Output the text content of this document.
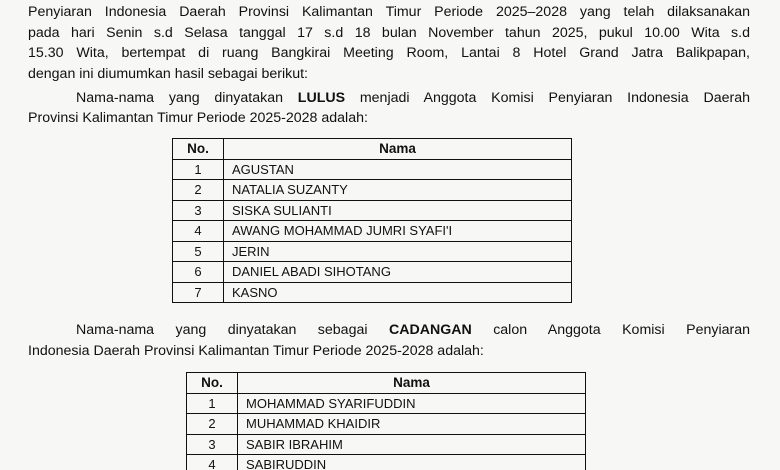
Penyiaran Indonesia Daerah Provinsi Kalimantan Timur Periode 2025–2028 yang telah dilaksanakan
pada hari Senin s.d Selasa tanggal 17 s.d 18 bulan November tahun 2025, pukul 10.00 Wita s.d
15.30 Wita, bertempat di ruang Bangkirai Meeting Room, Lantai 8 Hotel Grand Jatra Balikpapan,
dengan ini diumumkan hasil sebagai berikut:
Nama-nama yang dinyatakan LULUS menjadi Anggota Komisi Penyiaran Indonesia Daerah
Provinsi Kalimantan Timur Periode 2025-2028 adalah:
No.	Nama
1	AGUSTAN
2	NATALIA SUZANTY
3	SISKA SULIANTI
4	AWANG MOHAMMAD JUMRI SYAFI'I
5	JERIN
6	DANIEL ABADI SIHOTANG
7	KASNO
Nama-nama yang dinyatakan sebagai CADANGAN calon Anggota Komisi Penyiaran
Indonesia Daerah Provinsi Kalimantan Timur Periode 2025-2028 adalah:
No.	Nama
1	MOHAMMAD SYARIFUDDIN
2	MUHAMMAD KHAIDIR
3	SABIR IBRAHIM
4	SABIRUDDIN
